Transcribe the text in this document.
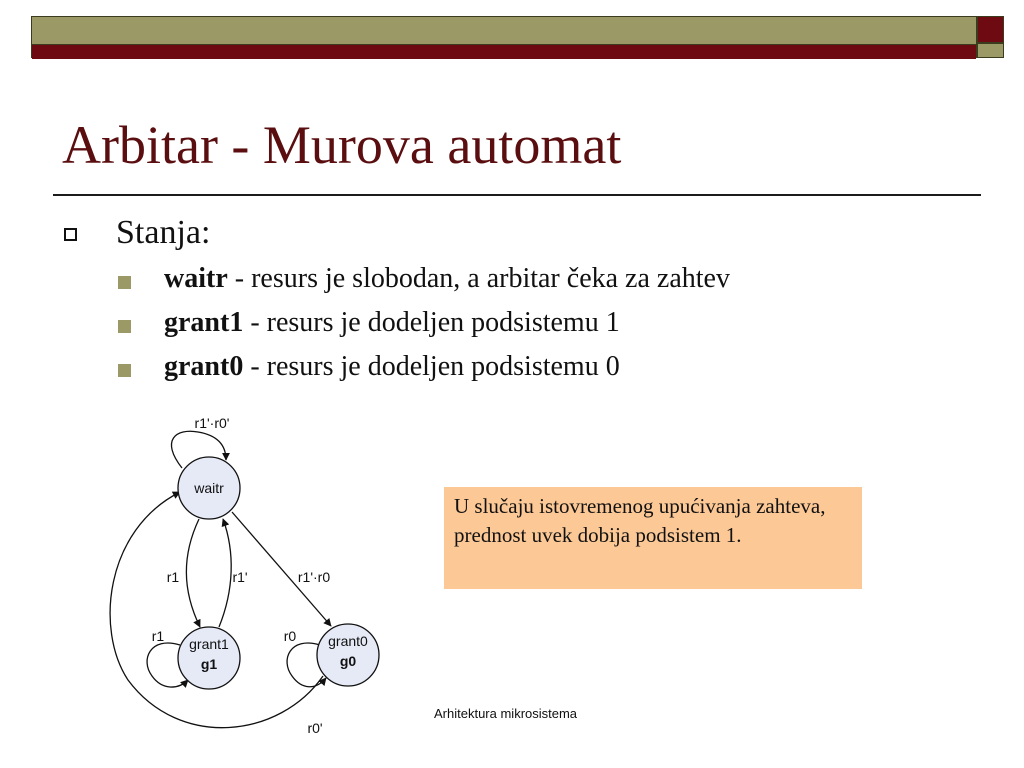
Arbitar - Murova automat
Stanja:
waitr - resurs je slobodan, a arbitar čeka za zahtev
grant1 - resurs je dodeljen podsistemu 1
grant0 - resurs je dodeljen podsistemu 0
waitr
grant1
g1
grant0
g0
r1'·r0'
r1	r1'	r1'·r0
r1	r0
r0'
U slučaju istovremenog upućivanja zahteva, prednost uvek dobija podsistem 1.
Arhitektura mikrosistema
